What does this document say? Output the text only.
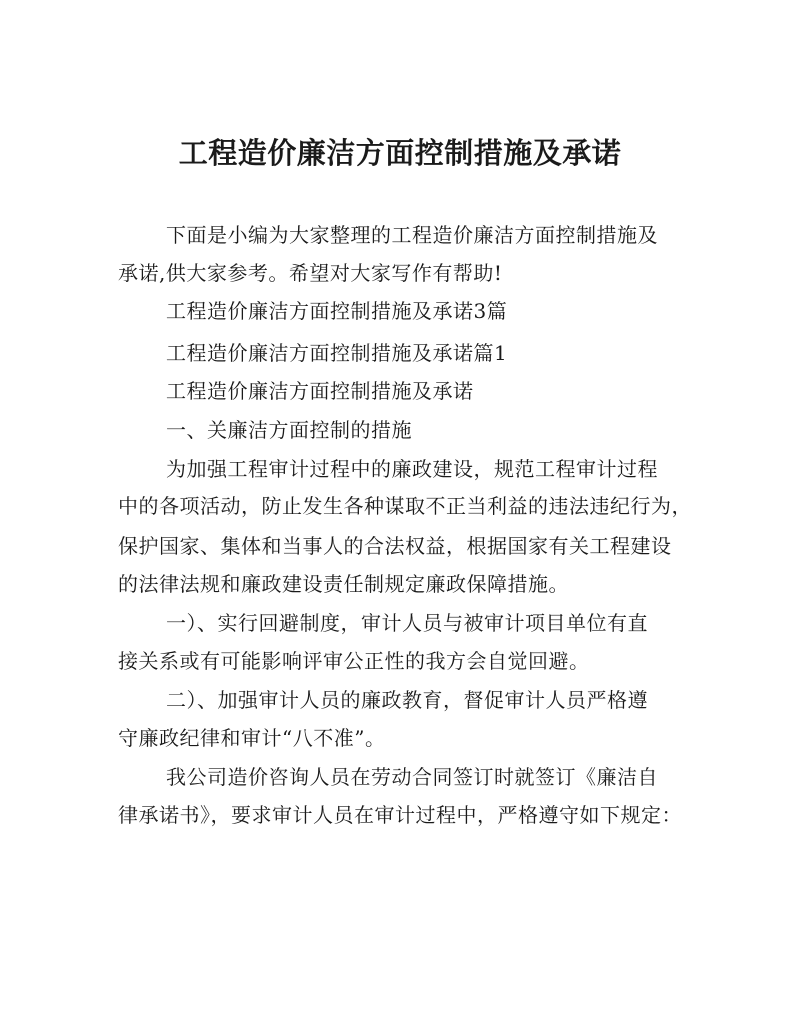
工程造价廉洁方面控制措施及承诺
下面是小编为大家整理的工程造价廉洁方面控制措施及
承诺,供大家参考。希望对大家写作有帮助!
工程造价廉洁方面控制措施及承诺3篇
工程造价廉洁方面控制措施及承诺篇1
工程造价廉洁方面控制措施及承诺
一、关廉洁方面控制的措施
为加强工程审计过程中的廉政建设，规范工程审计过程
中的各项活动，防止发生各种谋取不正当利益的违法违纪行为，
保护国家、集体和当事人的合法权益，根据国家有关工程建设
的法律法规和廉政建设责任制规定廉政保障措施。
一）、实行回避制度，审计人员与被审计项目单位有直
接关系或有可能影响评审公正性的我方会自觉回避。
二）、加强审计人员的廉政教育，督促审计人员严格遵
守廉政纪律和审计“八不准”。
我公司造价咨询人员在劳动合同签订时就签订《廉洁自
律承诺书》，要求审计人员在审计过程中，严格遵守如下规定：
